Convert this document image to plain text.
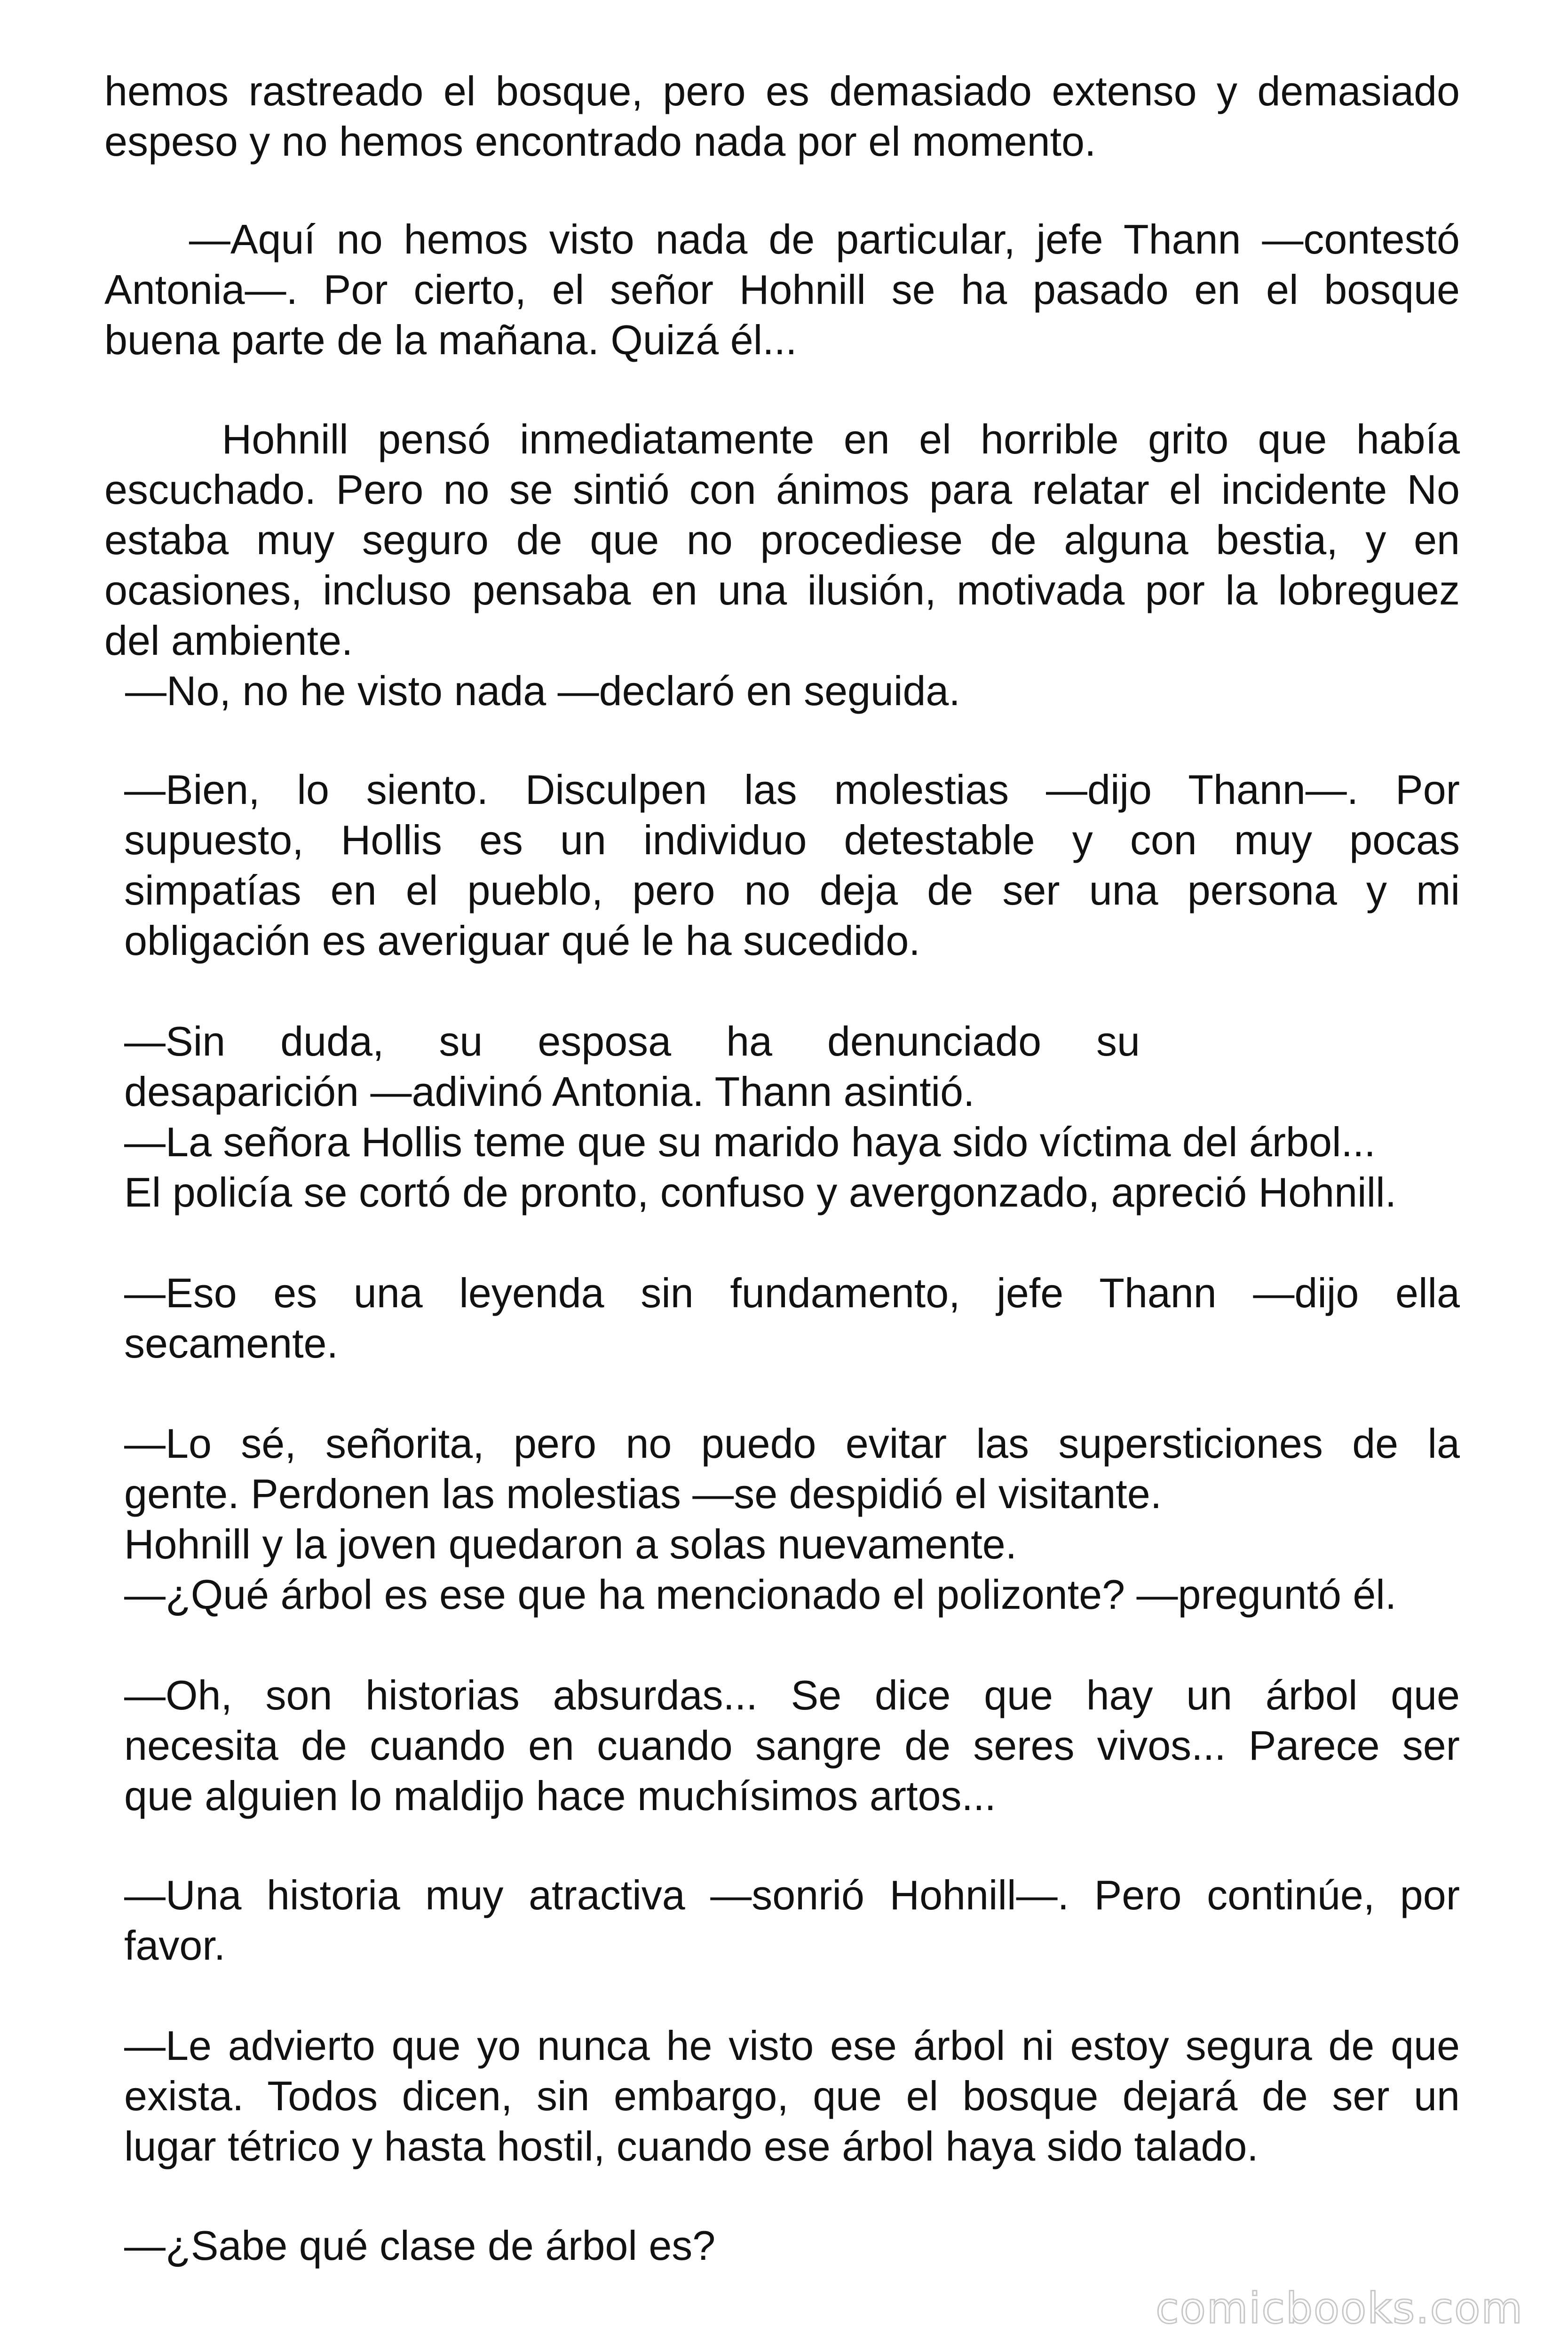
hemos rastreado el bosque, pero es demasiado extenso y demasiado
espeso y no hemos encontrado nada por el momento.
—Aquí no hemos visto nada de particular, jefe Thann —contestó
Antonia—. Por cierto, el señor Hohnill se ha pasado en el bosque
buena parte de la mañana. Quizá él...
Hohnill pensó inmediatamente en el horrible grito que había
escuchado. Pero no se sintió con ánimos para relatar el incidente No
estaba muy seguro de que no procediese de alguna bestia, y en
ocasiones, incluso pensaba en una ilusión, motivada por la lobreguez
del ambiente.
—No, no he visto nada —declaró en seguida.
—Bien, lo siento. Disculpen las molestias —dijo Thann—. Por
supuesto, Hollis es un individuo detestable y con muy pocas
simpatías en el pueblo, pero no deja de ser una persona y mi
obligación es averiguar qué le ha sucedido.
—Sin duda, su esposa ha denunciado su
desaparición —adivinó Antonia. Thann asintió.
—La señora Hollis teme que su marido haya sido víctima del árbol...
El policía se cortó de pronto, confuso y avergonzado, apreció Hohnill.
—Eso es una leyenda sin fundamento, jefe Thann —dijo ella
secamente.
—Lo sé, señorita, pero no puedo evitar las supersticiones de la
gente. Perdonen las molestias —se despidió el visitante.
Hohnill y la joven quedaron a solas nuevamente.
—¿Qué árbol es ese que ha mencionado el polizonte? —preguntó él.
—Oh, son historias absurdas... Se dice que hay un árbol que
necesita de cuando en cuando sangre de seres vivos... Parece ser
que alguien lo maldijo hace muchísimos artos...
—Una historia muy atractiva —sonrió Hohnill—. Pero continúe, por
favor.
—Le advierto que yo nunca he visto ese árbol ni estoy segura de que
exista. Todos dicen, sin embargo, que el bosque dejará de ser un
lugar tétrico y hasta hostil, cuando ese árbol haya sido talado.
—¿Sabe qué clase de árbol es?
comicbooks.com
